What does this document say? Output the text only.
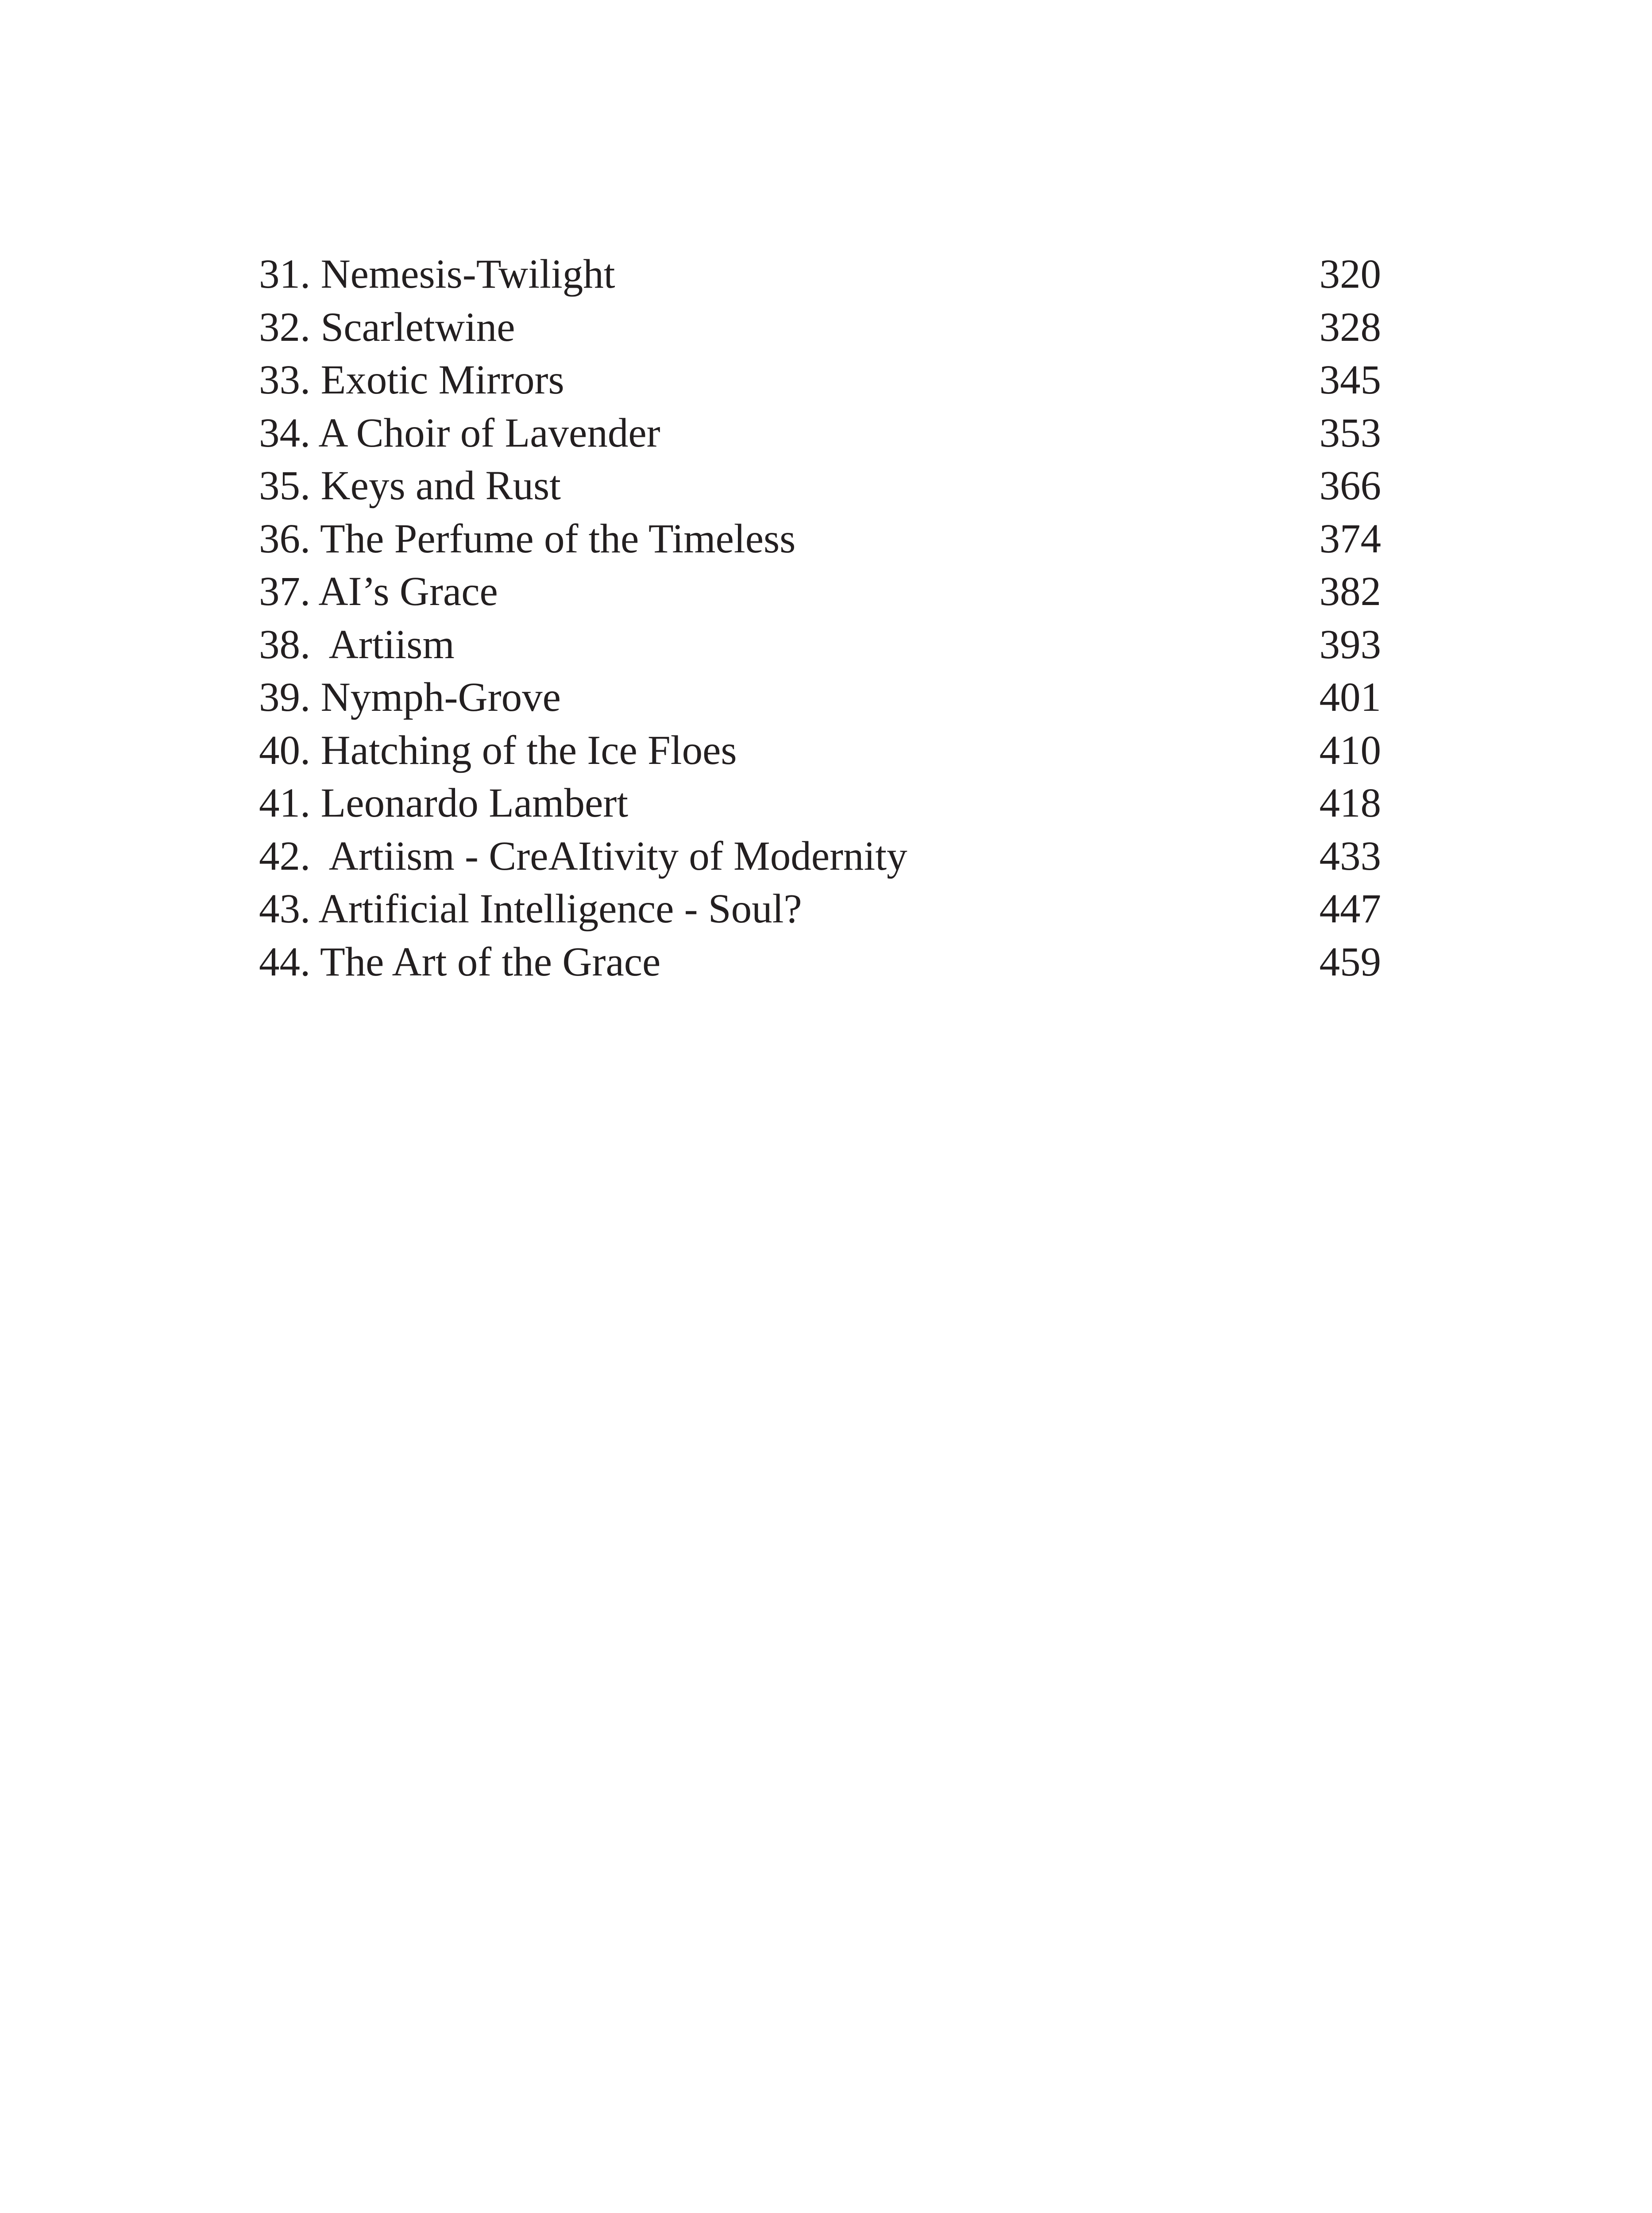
31. Nemesis-Twilight	320
32. Scarletwine	328
33. Exotic Mirrors	345
34. A Choir of Lavender	353
35. Keys and Rust	366
36. The Perfume of the Timeless	374
37. AI’s Grace	382
38.  Artiism	393
39. Nymph-Grove	401
40. Hatching of the Ice Floes	410
41. Leonardo Lambert	418
42.  Artiism - CreAItivity of Modernity	433
43. Artificial Intelligence - Soul?	447
44. The Art of the Grace	459
